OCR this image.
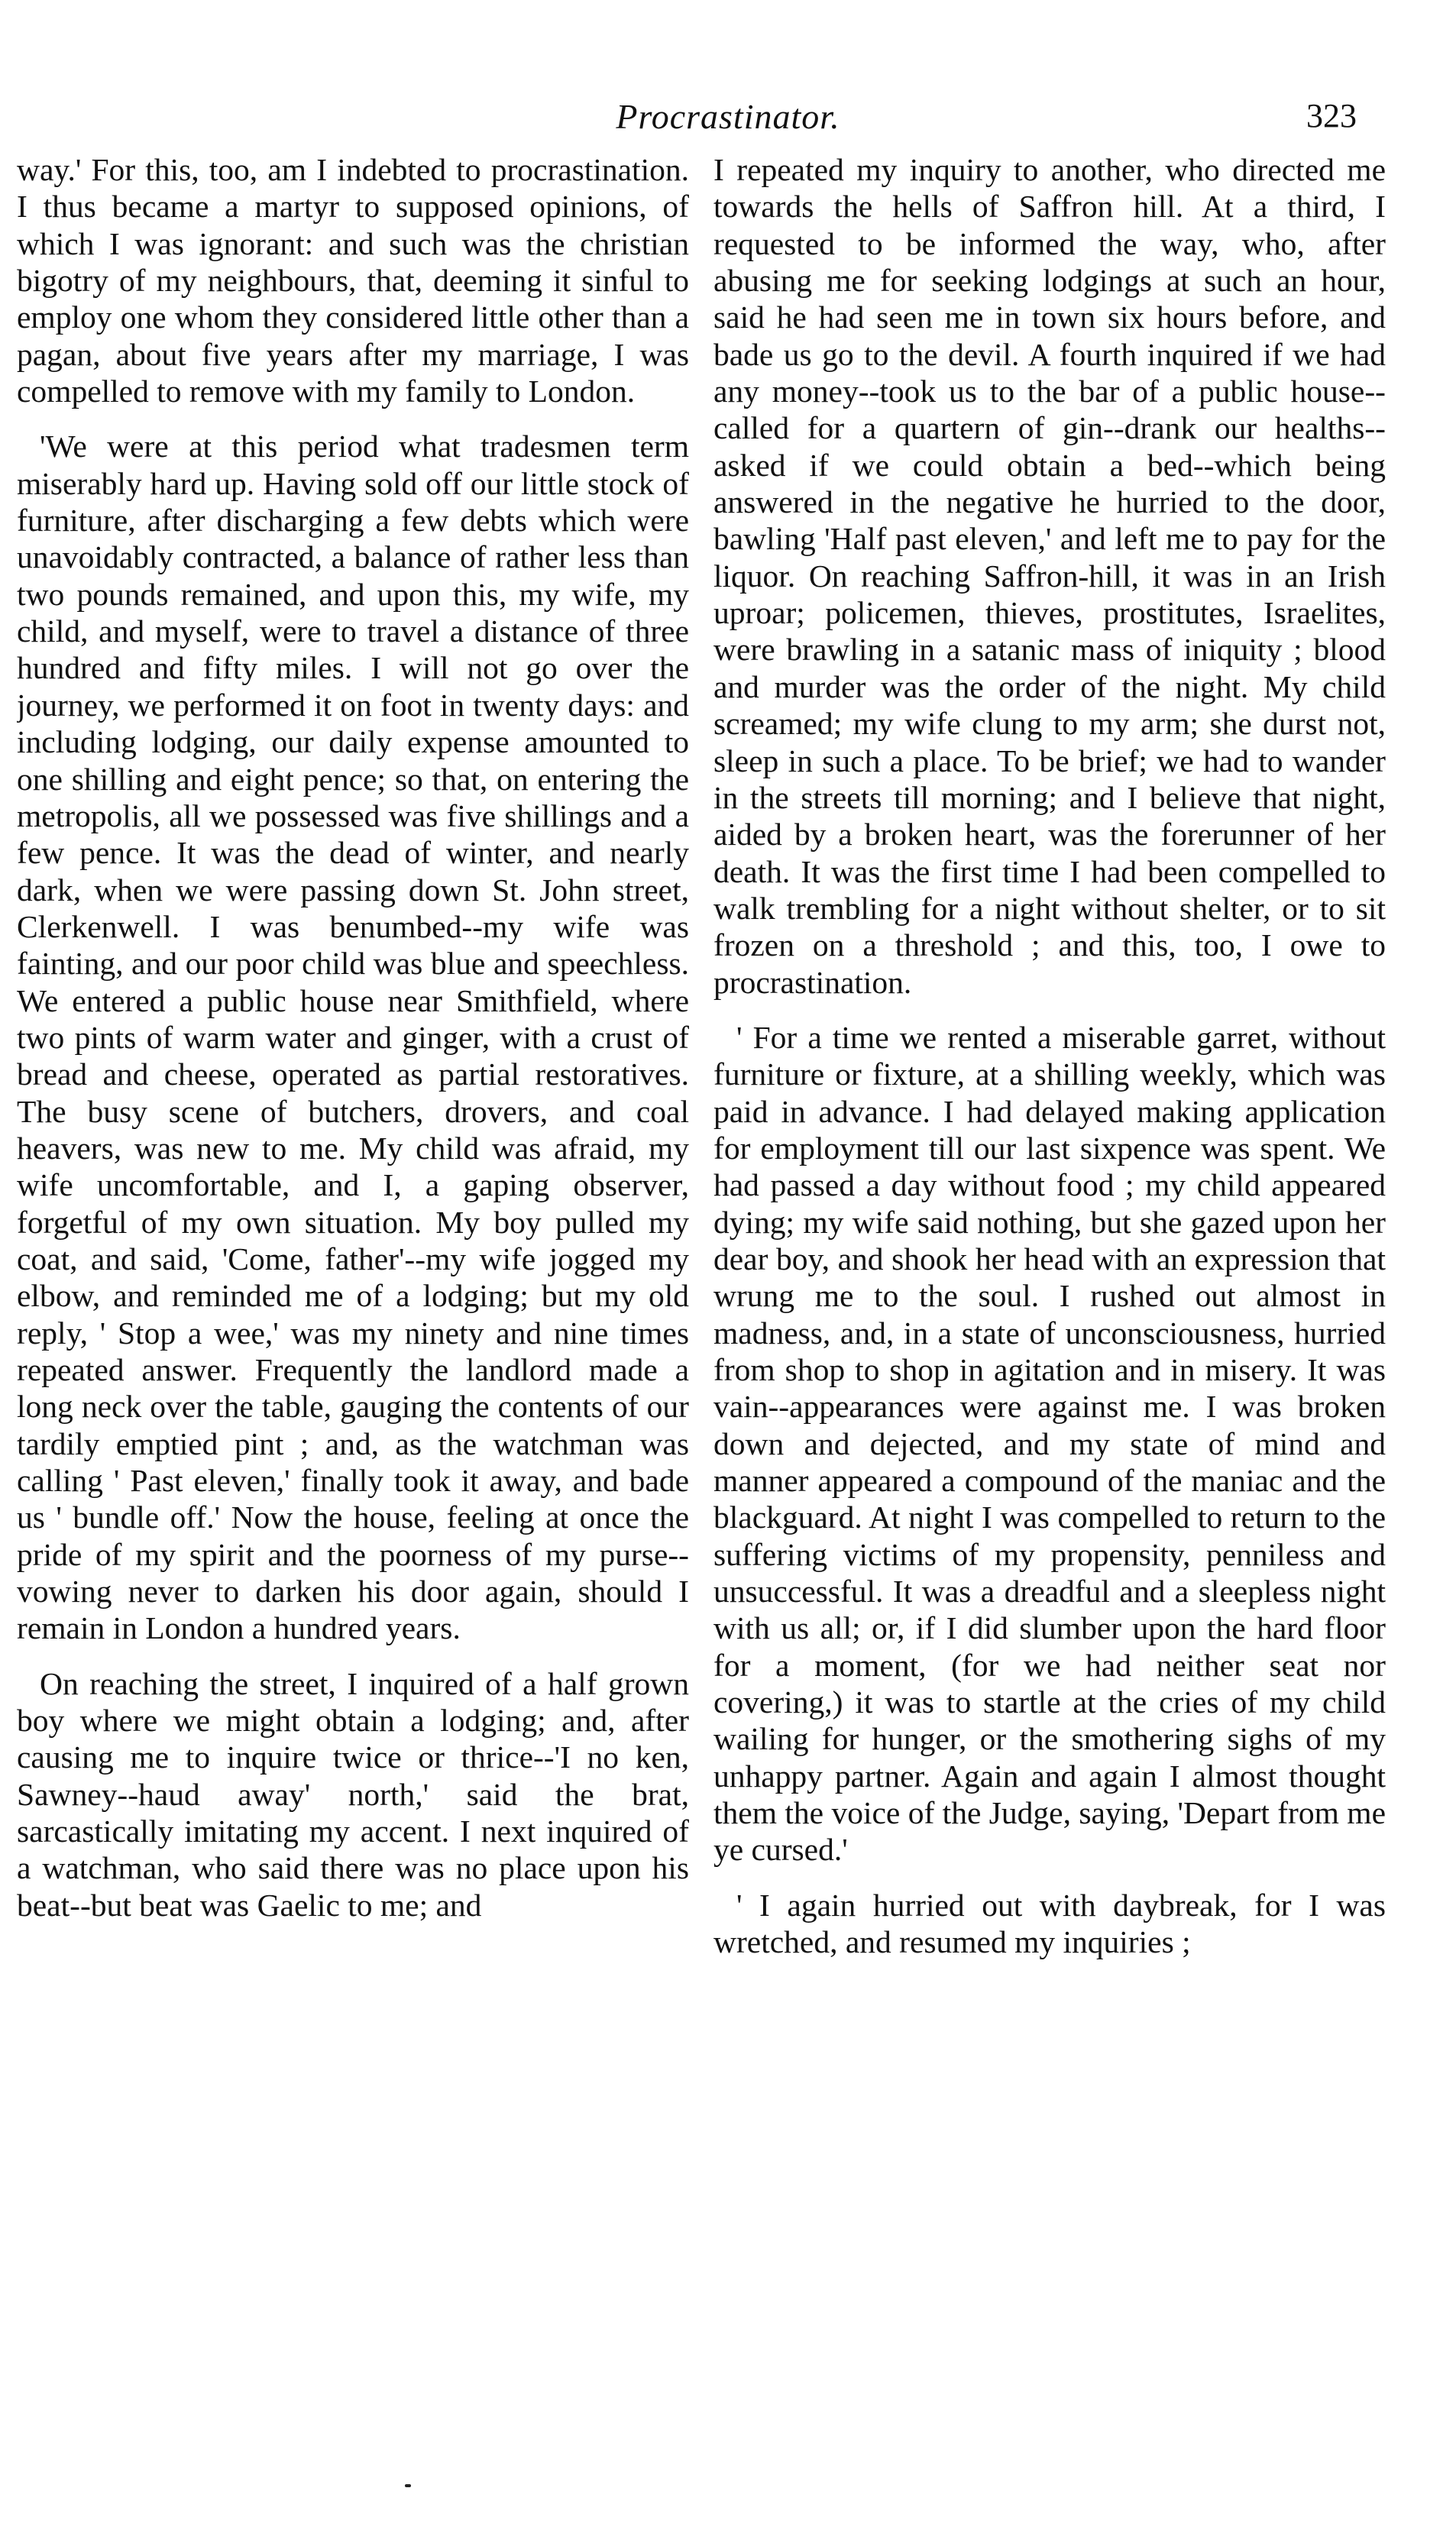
Procrastinator.	323

way.' For this, too, am I indebted to procrastination. I thus became a martyr to supposed opinions, of which I was ignorant: and such was the christian bigotry of my neighbours, that, deeming it sinful to employ one whom they considered little other than a pagan, about five years after my marriage, I was compelled to remove with my family to London.

'We were at this period what tradesmen term miserably hard up. Having sold off our little stock of furniture, after discharging a few debts which were unavoidably contracted, a balance of rather less than two pounds remained, and upon this, my wife, my child, and myself, were to travel a distance of three hundred and fifty miles. I will not go over the journey, we performed it on foot in twenty days: and including lodging, our daily expense amounted to one shilling and eight pence; so that, on entering the metropolis, all we possessed was five shillings and a few pence. It was the dead of winter, and nearly dark, when we were passing down St. John street, Clerkenwell. I was benumbed--my wife was fainting, and our poor child was blue and speechless. We entered a public house near Smithfield, where two pints of warm water and ginger, with a crust of bread and cheese, operated as partial restoratives. The busy scene of butchers, drovers, and coal heavers, was new to me. My child was afraid, my wife uncomfortable, and I, a gaping observer, forgetful of my own situation. My boy pulled my coat, and said, 'Come, father'--my wife jogged my elbow, and reminded me of a lodging; but my old reply, ' Stop a wee,' was my ninety and nine times repeated answer. Frequently the landlord made a long neck over the table, gauging the contents of our tardily emptied pint ; and, as the watchman was calling ' Past eleven,' finally took it away, and bade us ' bundle off.' Now the house, feeling at once the pride of my spirit and the poorness of my purse--vowing never to darken his door again, should I remain in London a hundred years.

On reaching the street, I inquired of a half grown boy where we might obtain a lodging; and, after causing me to inquire twice or thrice--'I no ken, Sawney--haud away' north,' said the brat, sarcastically imitating my accent. I next inquired of a watchman, who said there was no place upon his beat--but beat was Gaelic to me; and

I repeated my inquiry to another, who directed me towards the hells of Saffron hill. At a third, I requested to be informed the way, who, after abusing me for seeking lodgings at such an hour, said he had seen me in town six hours before, and bade us go to the devil. A fourth inquired if we had any money--took us to the bar of a public house--called for a quartern of gin--drank our healths--asked if we could obtain a bed--which being answered in the negative he hurried to the door, bawling 'Half past eleven,' and left me to pay for the liquor. On reaching Saffron-hill, it was in an Irish uproar; policemen, thieves, prostitutes, Israelites, were brawling in a satanic mass of iniquity ; blood and murder was the order of the night. My child screamed; my wife clung to my arm; she durst not, sleep in such a place. To be brief; we had to wander in the streets till morning; and I believe that night, aided by a broken heart, was the forerunner of her death. It was the first time I had been compelled to walk trembling for a night without shelter, or to sit frozen on a threshold ; and this, too, I owe to procrastination.

' For a time we rented a miserable garret, without furniture or fixture, at a shilling weekly, which was paid in advance. I had delayed making application for employment till our last sixpence was spent. We had passed a day without food ; my child appeared dying; my wife said nothing, but she gazed upon her dear boy, and shook her head with an expression that wrung me to the soul. I rushed out almost in madness, and, in a state of unconsciousness, hurried from shop to shop in agitation and in misery. It was vain--appearances were against me. I was broken down and dejected, and my state of mind and manner appeared a compound of the maniac and the blackguard. At night I was compelled to return to the suffering victims of my propensity, penniless and unsuccessful. It was a dreadful and a sleepless night with us all; or, if I did slumber upon the hard floor for a moment, (for we had neither seat nor covering,) it was to startle at the cries of my child wailing for hunger, or the smothering sighs of my unhappy partner. Again and again I almost thought them the voice of the Judge, saying, 'Depart from me ye cursed.'

' I again hurried out with daybreak, for I was wretched, and resumed my inquiries ;
